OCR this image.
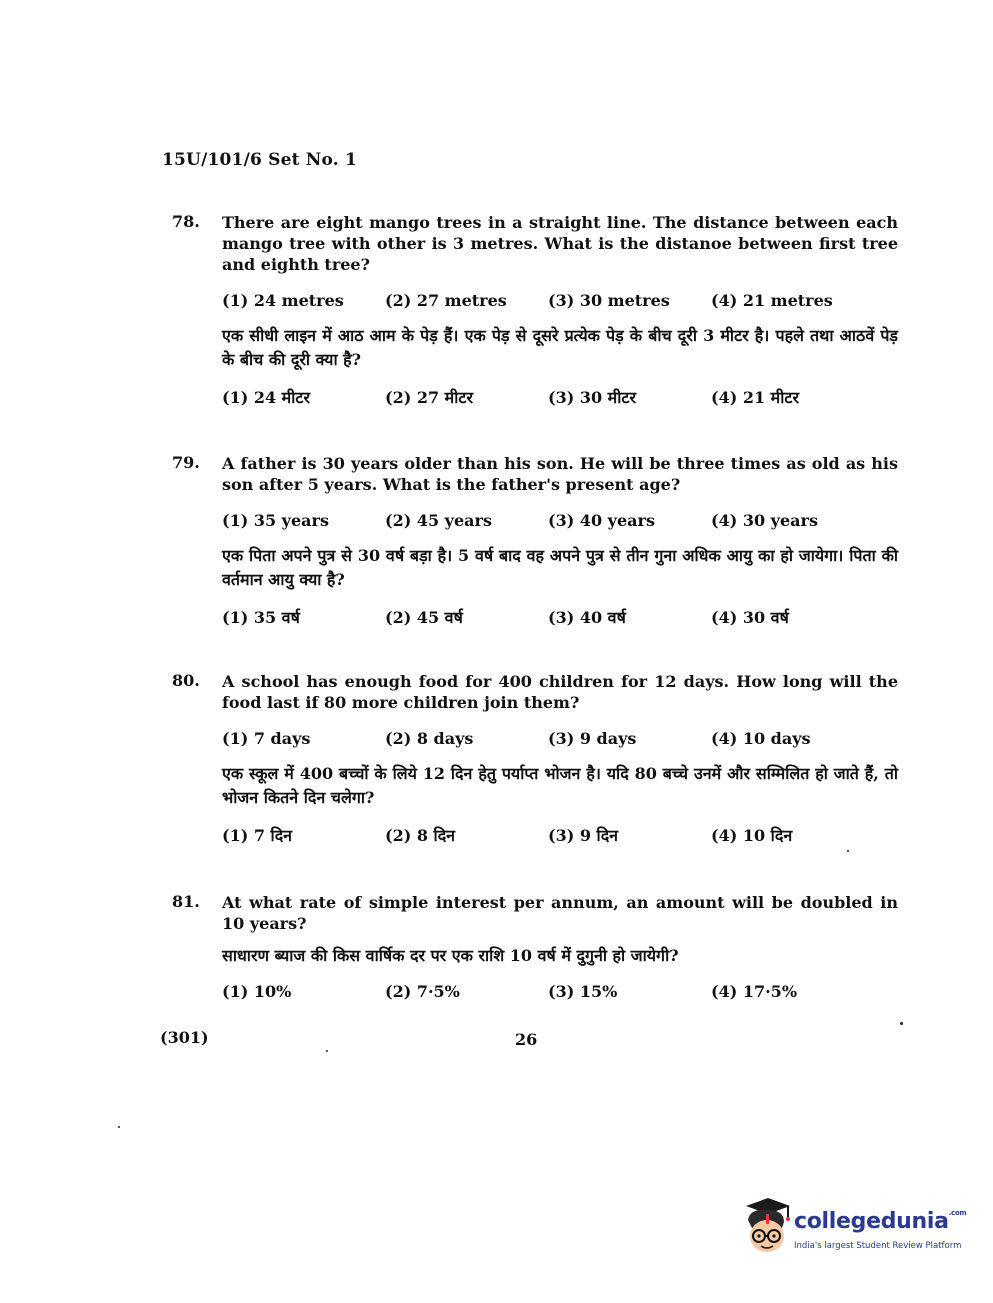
15U/101/6 Set No. 1
78. There are eight mango trees in a straight line. The distance between each mango tree with other is 3 metres. What is the distanoe between first tree and eighth tree?
(1) 24 metres	(2) 27 metres	(3) 30 metres	(4) 21 metres
एक सीधी लाइन में आठ आम के पेड़ हैं। एक पेड़ से दूसरे प्रत्येक पेड़ के बीच दूरी 3 मीटर है। पहले तथा आठवें पेड़ के बीच की दूरी क्या है?
(1) 24 मीटर	(2) 27 मीटर	(3) 30 मीटर	(4) 21 मीटर
79. A father is 30 years older than his son. He will be three times as old as his son after 5 years. What is the father's present age?
(1) 35 years	(2) 45 years	(3) 40 years	(4) 30 years
एक पिता अपने पुत्र से 30 वर्ष बड़ा है। 5 वर्ष बाद वह अपने पुत्र से तीन गुना अधिक आयु का हो जायेगा। पिता की वर्तमान आयु क्या है?
(1) 35 वर्ष	(2) 45 वर्ष	(3) 40 वर्ष	(4) 30 वर्ष
80. A school has enough food for 400 children for 12 days. How long will the food last if 80 more children join them?
(1) 7 days	(2) 8 days	(3) 9 days	(4) 10 days
एक स्कूल में 400 बच्चों के लिये 12 दिन हेतु पर्याप्त भोजन है। यदि 80 बच्चे उनमें और सम्मिलित हो जाते हैं, तो भोजन कितने दिन चलेगा?
(1) 7 दिन	(2) 8 दिन	(3) 9 दिन	(4) 10 दिन
81. At what rate of simple interest per annum, an amount will be doubled in 10 years?
साधारण ब्याज की किस वार्षिक दर पर एक राशि 10 वर्ष में दुगुनी हो जायेगी?
(1) 10%	(2) 7·5%	(3) 15%	(4) 17·5%
(301)	26
collegedunia$^{.com}$
India's largest Student Review Platform
